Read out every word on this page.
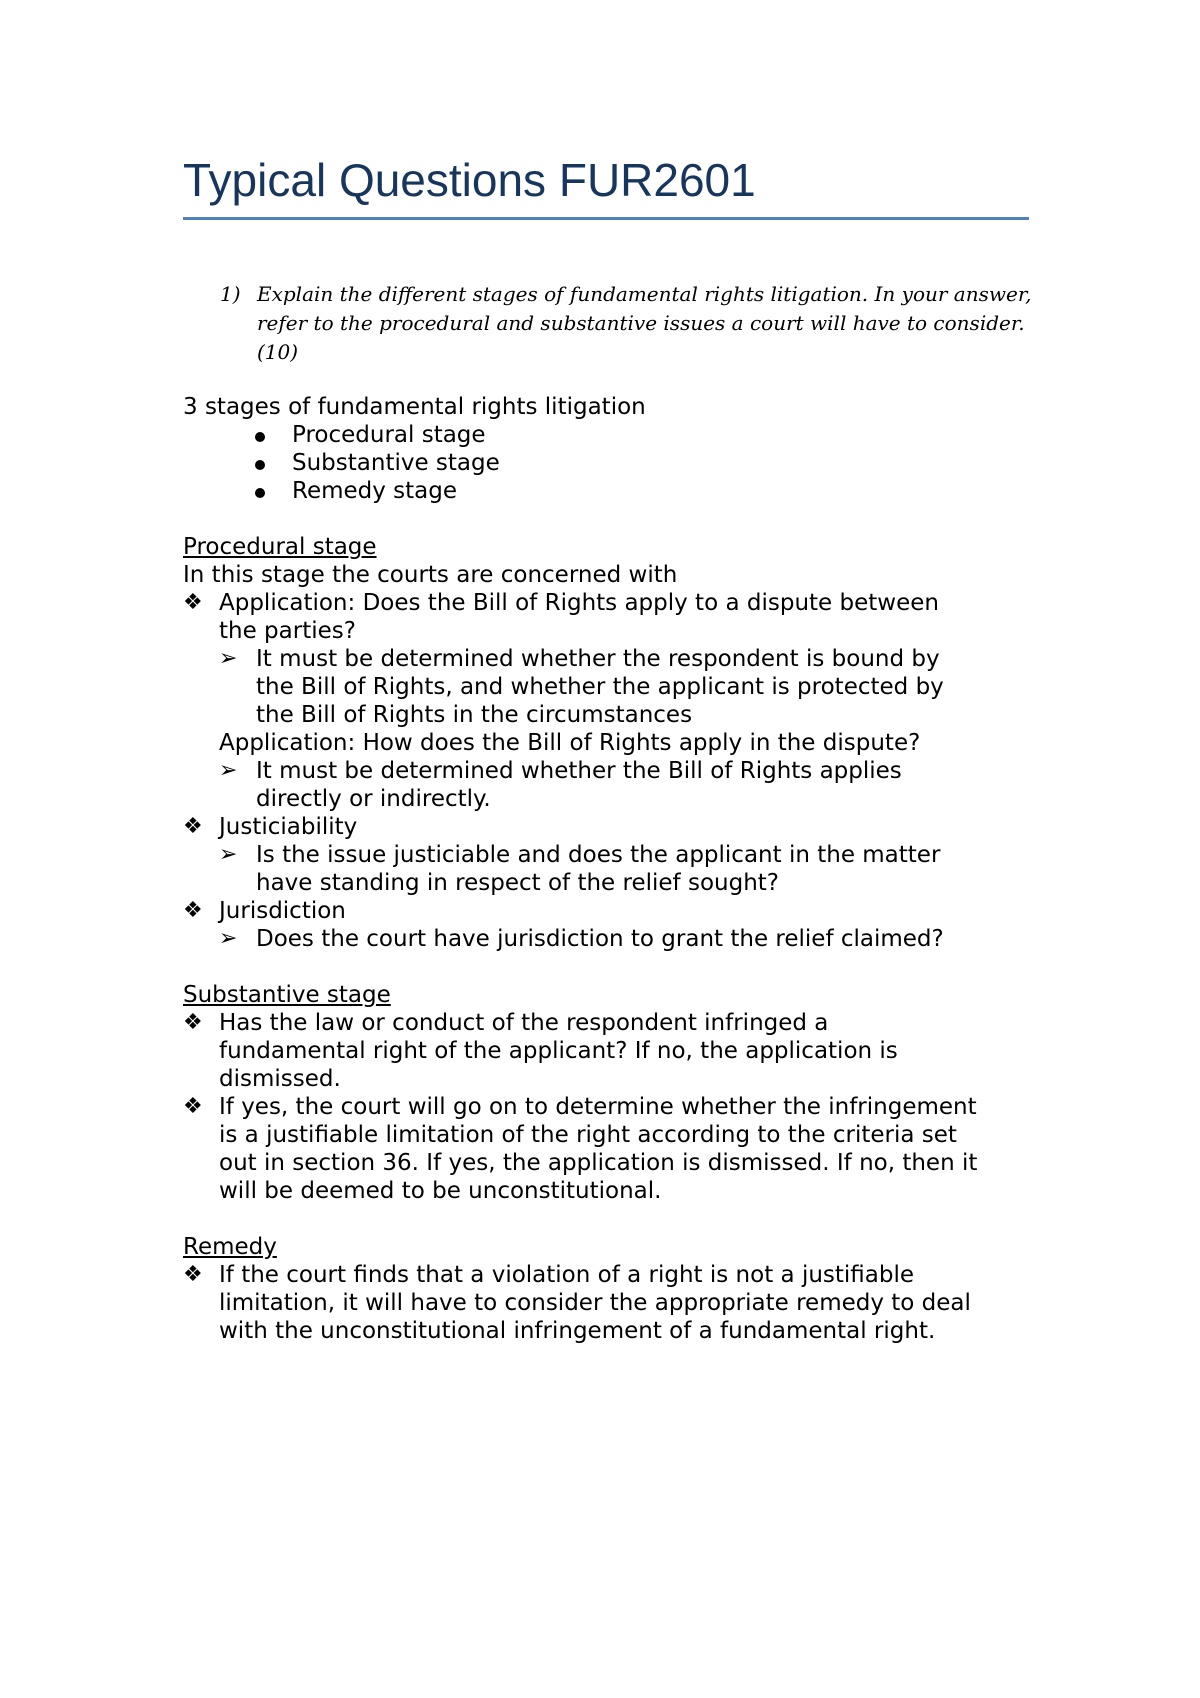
Typical Questions FUR2601
1) Explain the different stages of fundamental rights litigation. In your answer, refer to the procedural and substantive issues a court will have to consider. (10)
3 stages of fundamental rights litigation
Procedural stage
Substantive stage
Remedy stage
Procedural stage
In this stage the courts are concerned with
❖ Application: Does the Bill of Rights apply to a dispute between
the parties?
➢ It must be determined whether the respondent is bound by
the Bill of Rights, and whether the applicant is protected by
the Bill of Rights in the circumstances
Application: How does the Bill of Rights apply in the dispute?
➢ It must be determined whether the Bill of Rights applies
directly or indirectly.
❖ Justiciability
➢ Is the issue justiciable and does the applicant in the matter
have standing in respect of the relief sought?
❖ Jurisdiction
➢ Does the court have jurisdiction to grant the relief claimed?
Substantive stage
❖ Has the law or conduct of the respondent infringed a
fundamental right of the applicant? If no, the application is
dismissed.
❖ If yes, the court will go on to determine whether the infringement
is a justifiable limitation of the right according to the criteria set
out in section 36. If yes, the application is dismissed. If no, then it
will be deemed to be unconstitutional.
Remedy
❖ If the court finds that a violation of a right is not a justifiable
limitation, it will have to consider the appropriate remedy to deal
with the unconstitutional infringement of a fundamental right.
